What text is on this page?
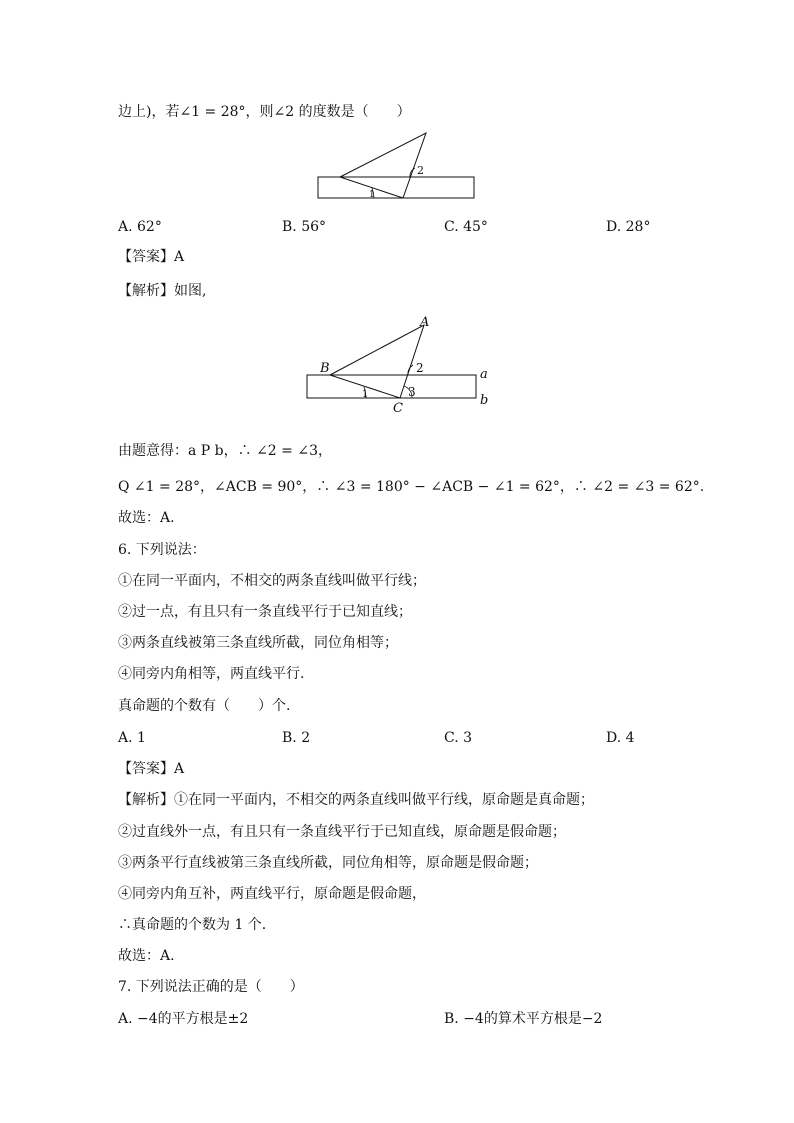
边上)，若∠1 = 28°，则∠2 的度数是（　　）
2
1
A. 62°	B. 56°	C. 45°	D. 28°
【答案】A
【解析】如图,
A
B
C
a
b
1
2
3
由题意得：a P b，∴ ∠2 = ∠3，
Q ∠1 = 28°，∠ACB = 90°，∴ ∠3 = 180° − ∠ACB − ∠1 = 62°，∴ ∠2 = ∠3 = 62°.
故选：A.
6. 下列说法：
①在同一平面内，不相交的两条直线叫做平行线；
②过一点，有且只有一条直线平行于已知直线；
③两条直线被第三条直线所截，同位角相等；
④同旁内角相等，两直线平行.
真命题的个数有（　　）个.
A. 1	B. 2	C. 3	D. 4
【答案】A
【解析】①在同一平面内，不相交的两条直线叫做平行线，原命题是真命题；
②过直线外一点，有且只有一条直线平行于已知直线，原命题是假命题；
③两条平行直线被第三条直线所截，同位角相等，原命题是假命题；
④同旁内角互补，两直线平行，原命题是假命题，
∴真命题的个数为 1 个.
故选：A.
7. 下列说法正确的是（　　）
A. −4的平方根是±2	B. −4的算术平方根是−2
